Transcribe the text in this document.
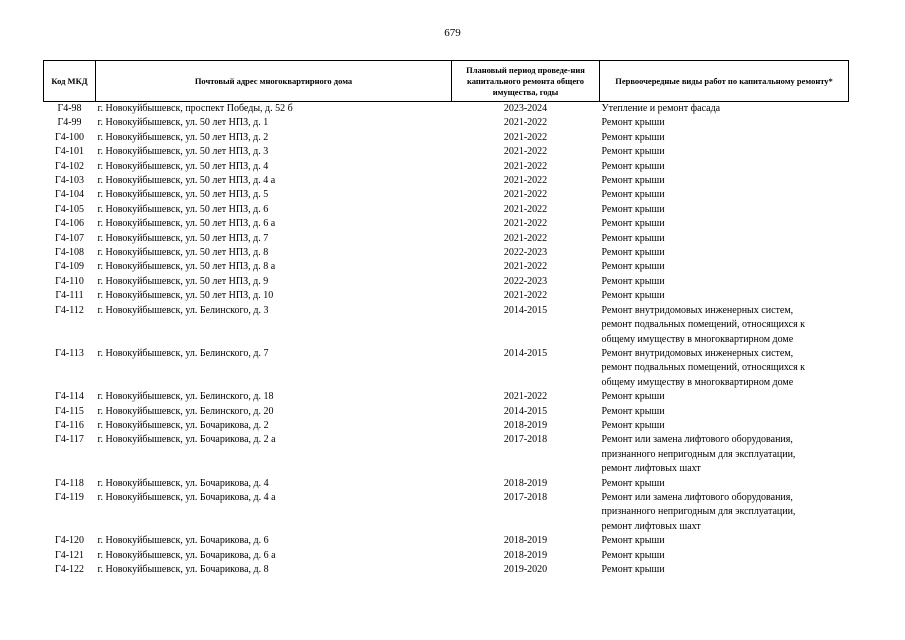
679
Код МКД	Почтовый адрес многоквартирного дома	Плановый период проведе-ния капитального ремонта общего имущества, годы	Первоочередные виды работ по капитальному ремонту*
Г4-98	г. Новокуйбышевск, проспект Победы, д. 52 б	2023-2024	Утепление и ремонт фасада

Г4-99	г. Новокуйбышевск, ул. 50 лет НПЗ, д. 1	2021-2022	Ремонт крыши

Г4-100	г. Новокуйбышевск, ул. 50 лет НПЗ, д. 2	2021-2022	Ремонт крыши

Г4-101	г. Новокуйбышевск, ул. 50 лет НПЗ, д. 3	2021-2022	Ремонт крыши

Г4-102	г. Новокуйбышевск, ул. 50 лет НПЗ, д. 4	2021-2022	Ремонт крыши

Г4-103	г. Новокуйбышевск, ул. 50 лет НПЗ, д. 4 а	2021-2022	Ремонт крыши

Г4-104	г. Новокуйбышевск, ул. 50 лет НПЗ, д. 5	2021-2022	Ремонт крыши

Г4-105	г. Новокуйбышевск, ул. 50 лет НПЗ, д. 6	2021-2022	Ремонт крыши

Г4-106	г. Новокуйбышевск, ул. 50 лет НПЗ, д. 6 а	2021-2022	Ремонт крыши

Г4-107	г. Новокуйбышевск, ул. 50 лет НПЗ, д. 7	2021-2022	Ремонт крыши

Г4-108	г. Новокуйбышевск, ул. 50 лет НПЗ, д. 8	2022-2023	Ремонт крыши

Г4-109	г. Новокуйбышевск, ул. 50 лет НПЗ, д. 8 а	2021-2022	Ремонт крыши

Г4-110	г. Новокуйбышевск, ул. 50 лет НПЗ, д. 9	2022-2023	Ремонт крыши

Г4-111	г. Новокуйбышевск, ул. 50 лет НПЗ, д. 10	2021-2022	Ремонт крыши

Г4-112	г. Новокуйбышевск, ул. Белинского, д. 3	2014-2015	Ремонт внутридомовых инженерных систем,
ремонт подвальных помещений, относящихся к
общему имуществу в многоквартирном доме

Г4-113	г. Новокуйбышевск, ул. Белинского, д. 7	2014-2015	Ремонт внутридомовых инженерных систем,
ремонт подвальных помещений, относящихся к
общему имуществу в многоквартирном доме

Г4-114	г. Новокуйбышевск, ул. Белинского, д. 18	2021-2022	Ремонт крыши

Г4-115	г. Новокуйбышевск, ул. Белинского, д. 20	2014-2015	Ремонт крыши

Г4-116	г. Новокуйбышевск, ул. Бочарикова, д. 2	2018-2019	Ремонт крыши

Г4-117	г. Новокуйбышевск, ул. Бочарикова, д. 2 а	2017-2018	Ремонт или замена лифтового оборудования,
признанного непригодным для эксплуатации,
ремонт лифтовых шахт

Г4-118	г. Новокуйбышевск, ул. Бочарикова, д. 4	2018-2019	Ремонт крыши

Г4-119	г. Новокуйбышевск, ул. Бочарикова, д. 4 а	2017-2018	Ремонт или замена лифтового оборудования,
признанного непригодным для эксплуатации,
ремонт лифтовых шахт

Г4-120	г. Новокуйбышевск, ул. Бочарикова, д. 6	2018-2019	Ремонт крыши

Г4-121	г. Новокуйбышевск, ул. Бочарикова, д. 6 а	2018-2019	Ремонт крыши

Г4-122	г. Новокуйбышевск, ул. Бочарикова, д. 8	2019-2020	Ремонт крыши
